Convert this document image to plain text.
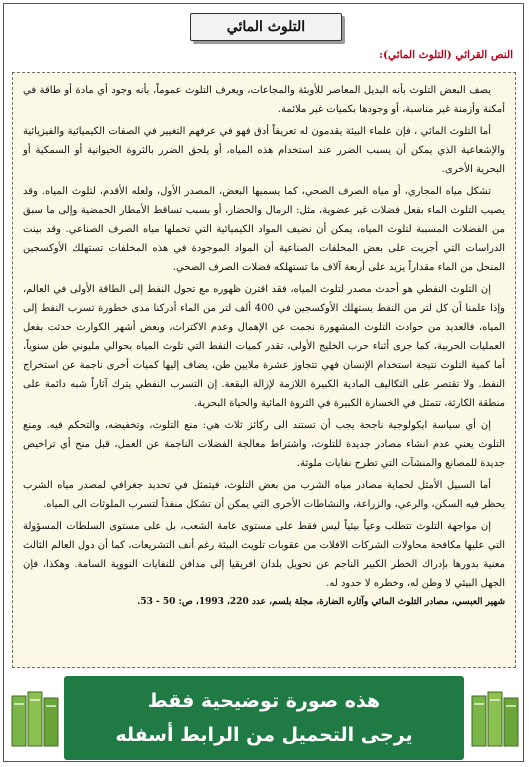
التلوث المائي
النص القرائي (التلوث المائي):

يصف البعض التلوث بأنه البديل المعاصر للأوبئة والمجاعات، ويعرف التلوث عموماً، بأنه وجود أي مادة أو طاقة في أمكنة وأزمنة غير مناسبة، أو وجودها بكميات غير ملائمة.

أما التلوث المائي ، فإن علماء البيئة يقدمون له تعريفاً أدق فهو في عرفهم التغيير في الصفات الكيميائية والفيزيائية والإشعاعية الذي يمكن أن يسبب الضرر عند استخدام هذه المياه، أو يلحق الضرر بالثروة الحيوانية أو السمكية أو البحرية الأخرى.

تشكل مياه المجاري، أو مياه الصرف الصحي، كما يسميها البعض، المصدر الأول، ولعله الأقدم، لتلوث المياه. وقد يصيب التلوث الماء بفعل فضلات غير عضوية، مثل: الرمال والحضار، أو بسبب تساقط الأمطار الحمضية وإلى ما سبق من الفضلات المسببة لتلوث المياه، يمكن أن نضيف المواد الكيميائية التي تحملها مياه الصرف الصناعي. وقد بينت الدراسات التي أجريت على بعض المخلفات الصناعية أن المواد الموجودة في هذه المخلفات تستهلك الأوكسجين المنحل من الماء مقداراً يزيد على أربعة آلاف ما تستهلكه فضلات الصرف الصحي.

إن التلوث النفطي هو أحدث مصدر لتلوث المياه، فقد اقترن ظهوره مع تحول النفط إلى الطاقة الأولى في العالم، وإذا علمنا أن كل لتر من النفط يستهلك الأوكسجين في 400 ألف لتر من الماء أدركنا مدى خطورة تسرب النفط إلى المياه، فالعديد من حوادث التلوث المشهورة نجمت عن الإهمال وعدم الاكتراث، وبعض أشهر الكوارث حدثت بفعل العمليات الحربية، كما جرى أثناء حرب الخليج الأولى، تقدر كميات النفط التي تلوث المياه بحوالي مليوني طن سنوياً، أما كمية التلوث نتيجة استخدام الإنسان فهي تتجاوز عشرة ملايين طن، يضاف إليها كميات أخرى ناجمة عن استخراج النفط. ولا تقتصر على التكاليف المادية الكبيرة اللازمة لإزالة البقعة. إن التسرب النفطي يترك آثاراً شبه دائمة على منطقة الكارثة، تتمثل في الخسارة الكبيرة في الثروة المائية والحياة البحرية.

إن أي سياسة ايكولوجية ناجحة يجب أن تستند الى ركائز ثلاث هي: منع التلوث، وتخفيضه، والتحكم فيه. ومنع التلوث يعني عدم انشاء مصادر جديدة للتلوث، واشتراط معالجة الفضلات الناجمة عن العمل، قبل منح أي تراخيص جديدة للمصانع والمنشآت التي تطرح نفايات ملوثة.

أما السبيل الأمثل لحماية مصادر مياه الشرب من بعض التلوث، فيتمثل في تحديد جغرافي لمصدر مياه الشرب يحظر فيه السكن، والرعي، والزراعة، والنشاطات الأخرى التي يمكن أن تشكل منفذاً لتسرب الملوثات الى المياه.

إن مواجهة التلوث تتطلب وعياً بيئياً ليس فقط على مستوى عامة الشعب، بل على مستوى السلطات المسؤولة التي عليها مكافحة محاولات الشركات الافلات من عقوبات تلويث البيئة رغم أنف التشريعات، كما أن دول العالم الثالث معنية بدورها بإدراك الخطر الكبير الناجم عن تحويل بلدان افريقيا إلى مدافن للنفايات النووية السامة. وهكذا، فإن الجهل البيئي لا وطن له، وخطره لا حدود له.

شهير العبسي، مصادر التلوث المائي وآثاره الضارة، مجلة بلسم، عدد 220، 1993، ص: 50 - 53.
هذه صورة توضيحية فقط
يرجى التحميل من الرابط أسفله
